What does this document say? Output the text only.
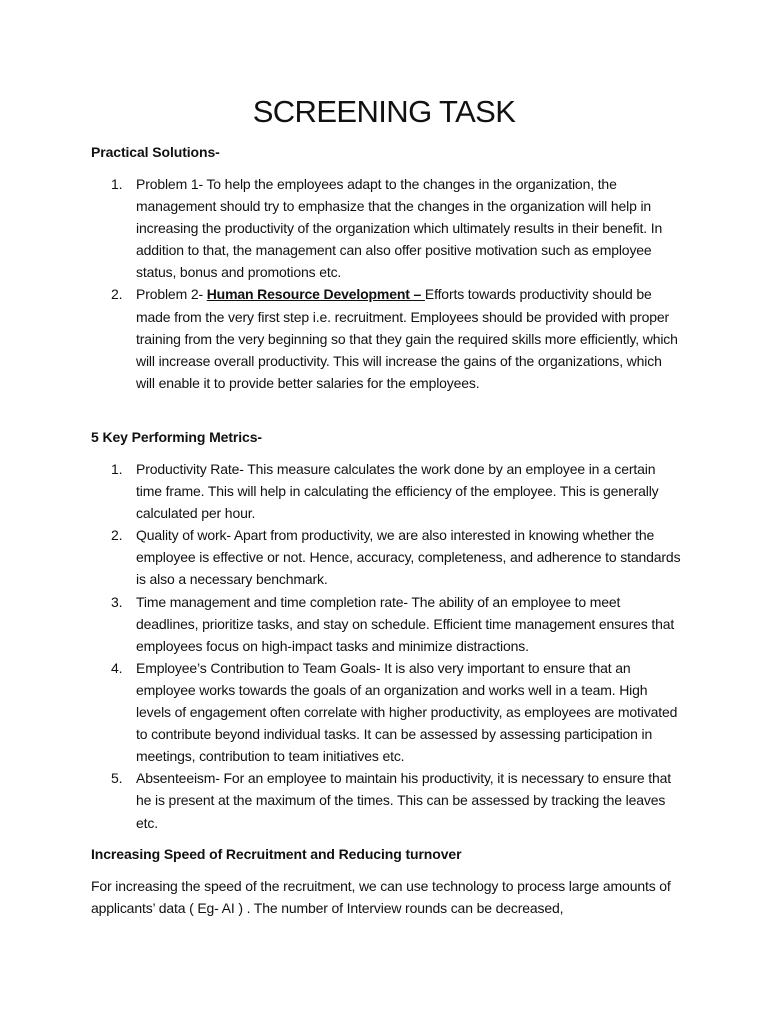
SCREENING TASK

Practical Solutions-

1. Problem 1- To help the employees adapt to the changes in the organization, the management should try to emphasize that the changes in the organization will help in increasing the productivity of the organization which ultimately results in their benefit. In addition to that, the management can also offer positive motivation such as employee status, bonus and promotions etc.
2. Problem 2- Human Resource Development – Efforts towards productivity should be made from the very first step i.e. recruitment. Employees should be provided with proper training from the very beginning so that they gain the required skills more efficiently, which will increase overall productivity. This will increase the gains of the organizations, which will enable it to provide better salaries for the employees.

5 Key Performing Metrics-

1. Productivity Rate- This measure calculates the work done by an employee in a certain time frame. This will help in calculating the efficiency of the employee. This is generally calculated per hour.
2. Quality of work- Apart from productivity, we are also interested in knowing whether the employee is effective or not. Hence, accuracy, completeness, and adherence to standards is also a necessary benchmark.
3. Time management and time completion rate- The ability of an employee to meet deadlines, prioritize tasks, and stay on schedule. Efficient time management ensures that employees focus on high-impact tasks and minimize distractions.
4. Employee’s Contribution to Team Goals- It is also very important to ensure that an employee works towards the goals of an organization and works well in a team. High levels of engagement often correlate with higher productivity, as employees are motivated to contribute beyond individual tasks. It can be assessed by assessing participation in meetings, contribution to team initiatives etc.
5. Absenteeism- For an employee to maintain his productivity, it is necessary to ensure that he is present at the maximum of the times. This can be assessed by tracking the leaves etc.

Increasing Speed of Recruitment and Reducing turnover

For increasing the speed of the recruitment, we can use technology to process large amounts of applicants’ data ( Eg- AI ) . The number of Interview rounds can be decreased,
